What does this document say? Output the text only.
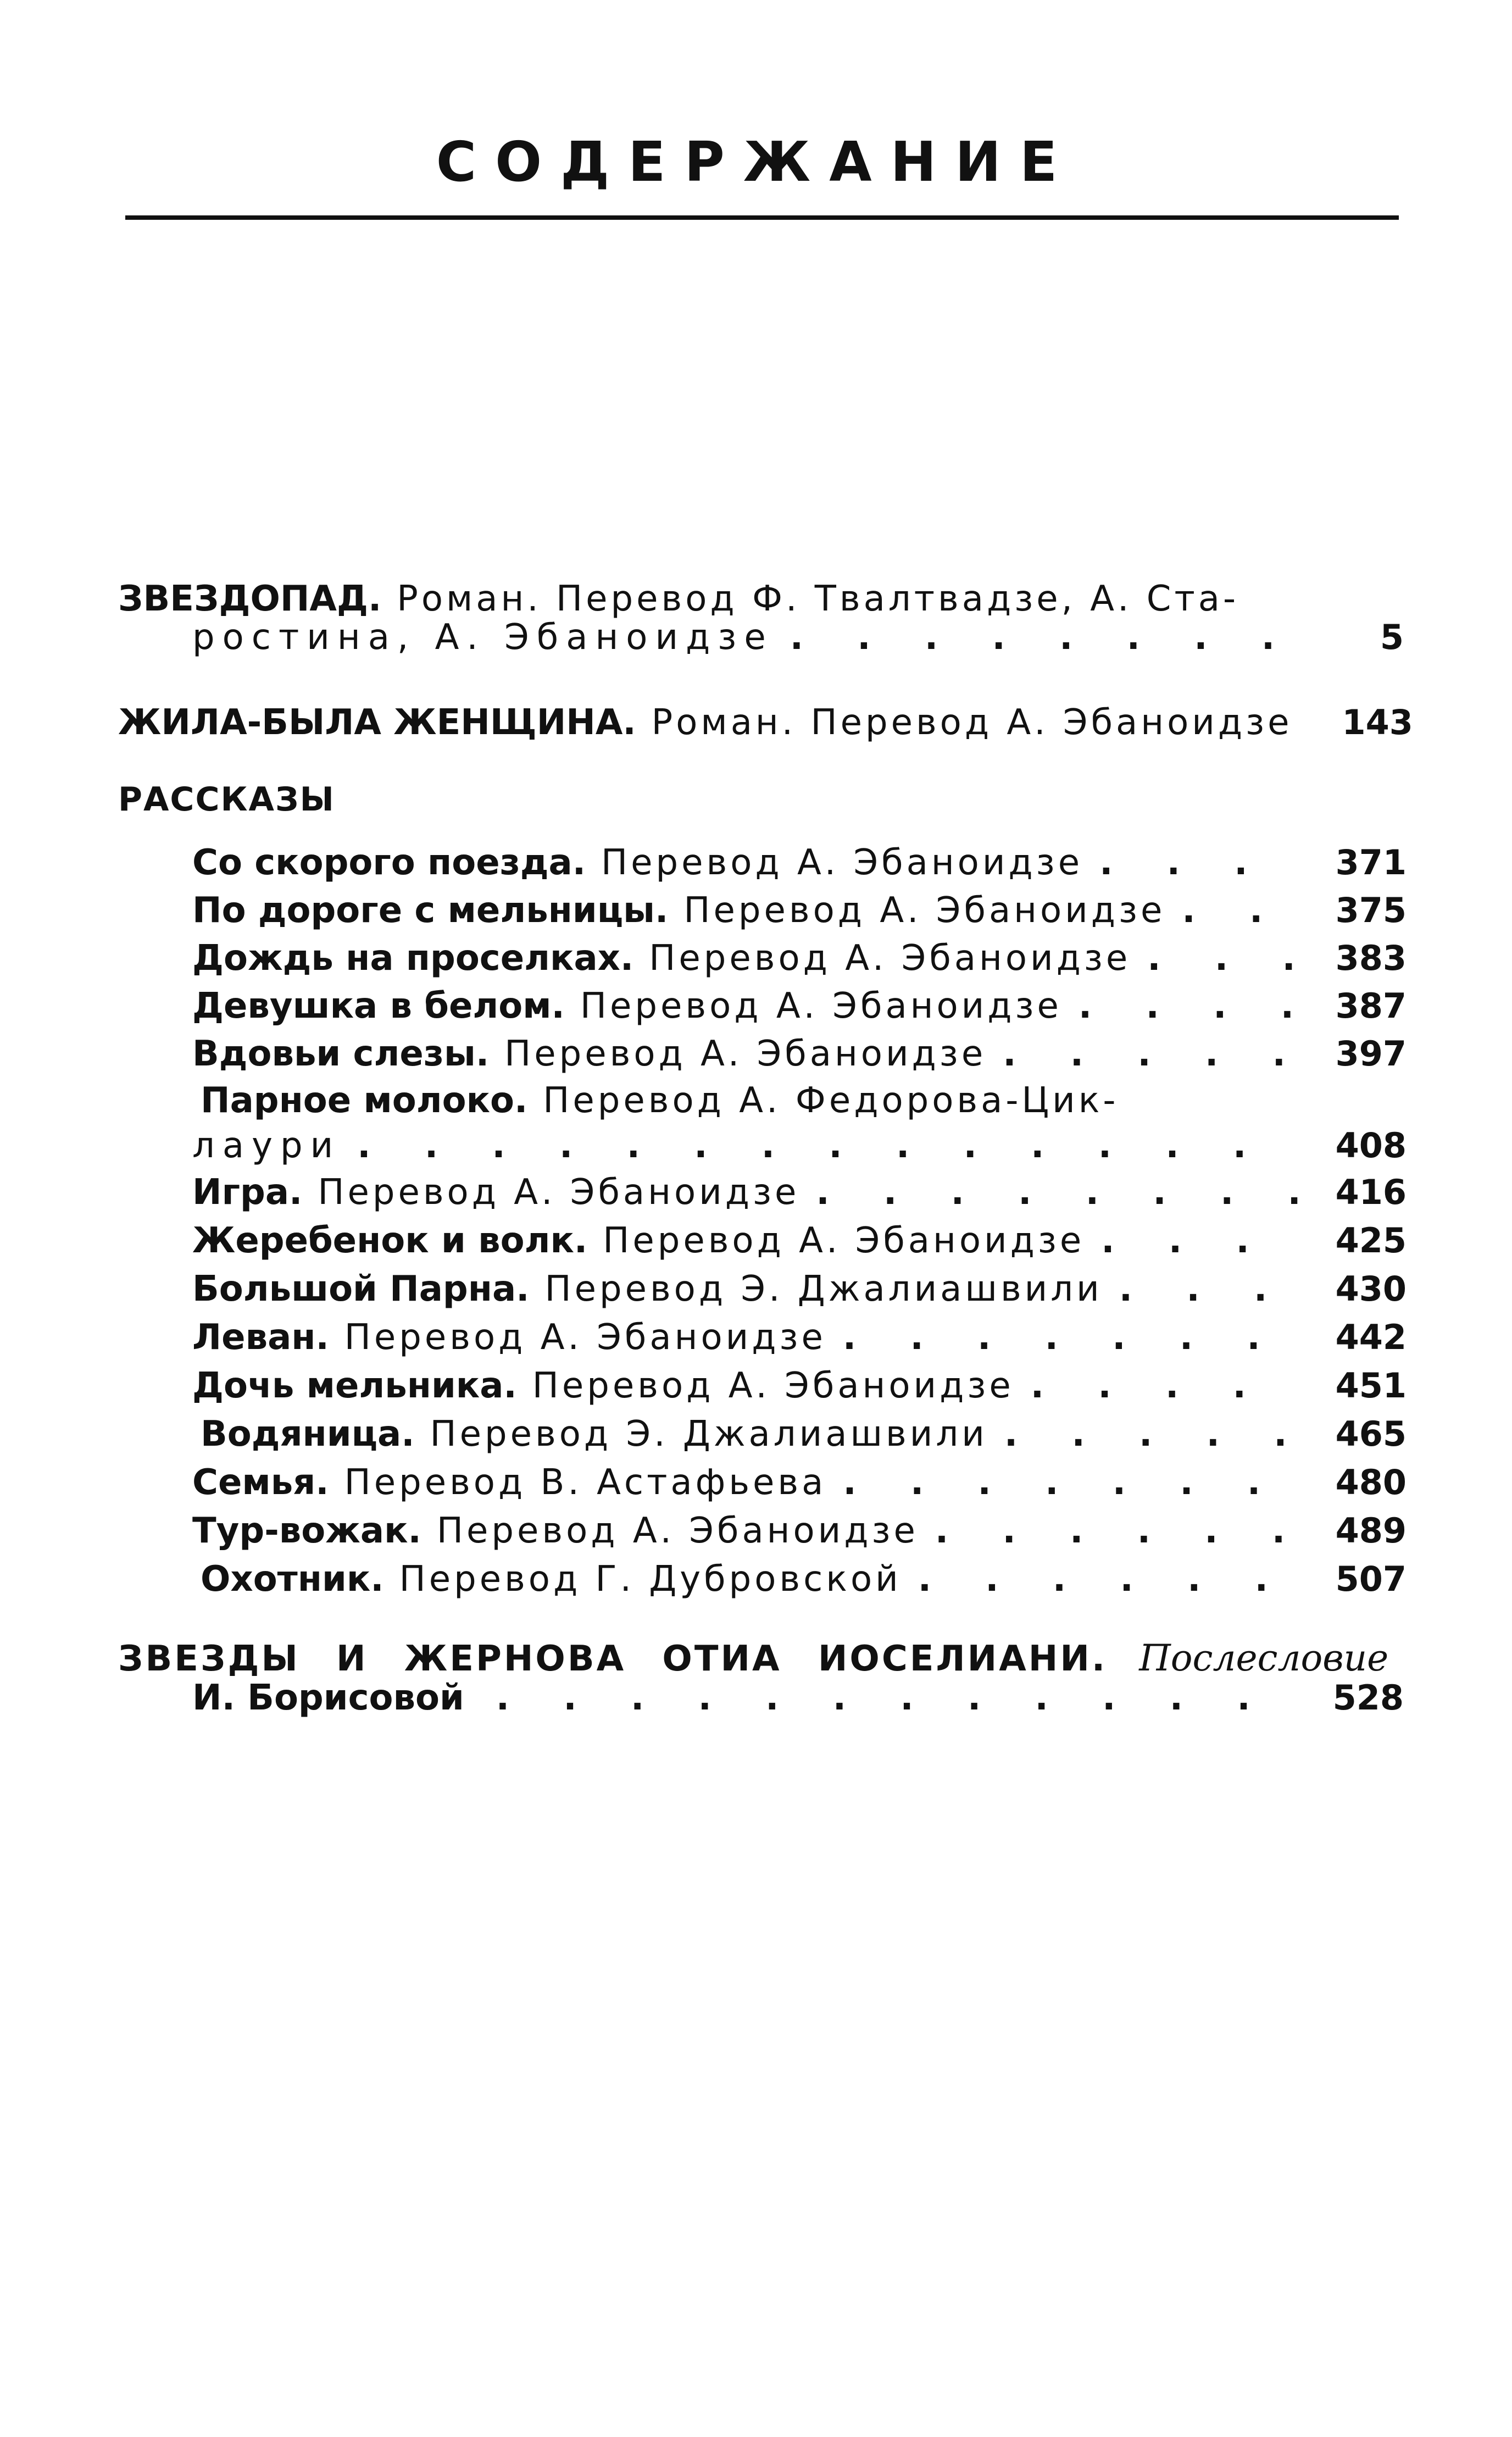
СОДЕРЖАНИЕ
ЗВЕЗДОПАД. Роман. Перевод Ф. Твалтвадзе, А. Ста-
ростина, А. Эбаноидзе . . .	5
ЖИЛА-БЫЛА ЖЕНЩИНА. Роман. Перевод А. Эбаноидзе 143
РАССКАЗЫ
Со скорого поезда. Перевод А. Эбаноидзе . . .	371
По дороге с мельницы. Перевод А. Эбаноидзе . . .	375
Дождь на проселках. Перевод А. Эбаноидзе . . .	383
Девушка в белом. Перевод А. Эбаноидзе . . .	387
Вдовьи слезы. Перевод А. Эбаноидзе . . .	397
Парное молоко. Перевод А. Федорова-Цик-
лаури . . .	408
Игра. Перевод А. Эбаноидзе . . .	416
Жеребенок и волк. Перевод А. Эбаноидзе . . .	425
Большой Парна. Перевод Э. Джалиашвили . . .	430
Леван. Перевод А. Эбаноидзе . . .	442
Дочь мельника. Перевод А. Эбаноидзе . . .	451
Водяница. Перевод Э. Джалиашвили . . .	465
Семья. Перевод В. Астафьева . . .	480
Тур-вожак. Перевод А. Эбаноидзе . . .	489
Охотник. Перевод Г. Дубровской . . .	507
ЗВЕЗДЫ И ЖЕРНОВА ОТИА ИОСЕЛИАНИ. Послесловие
И. Борисовой . . .	528
